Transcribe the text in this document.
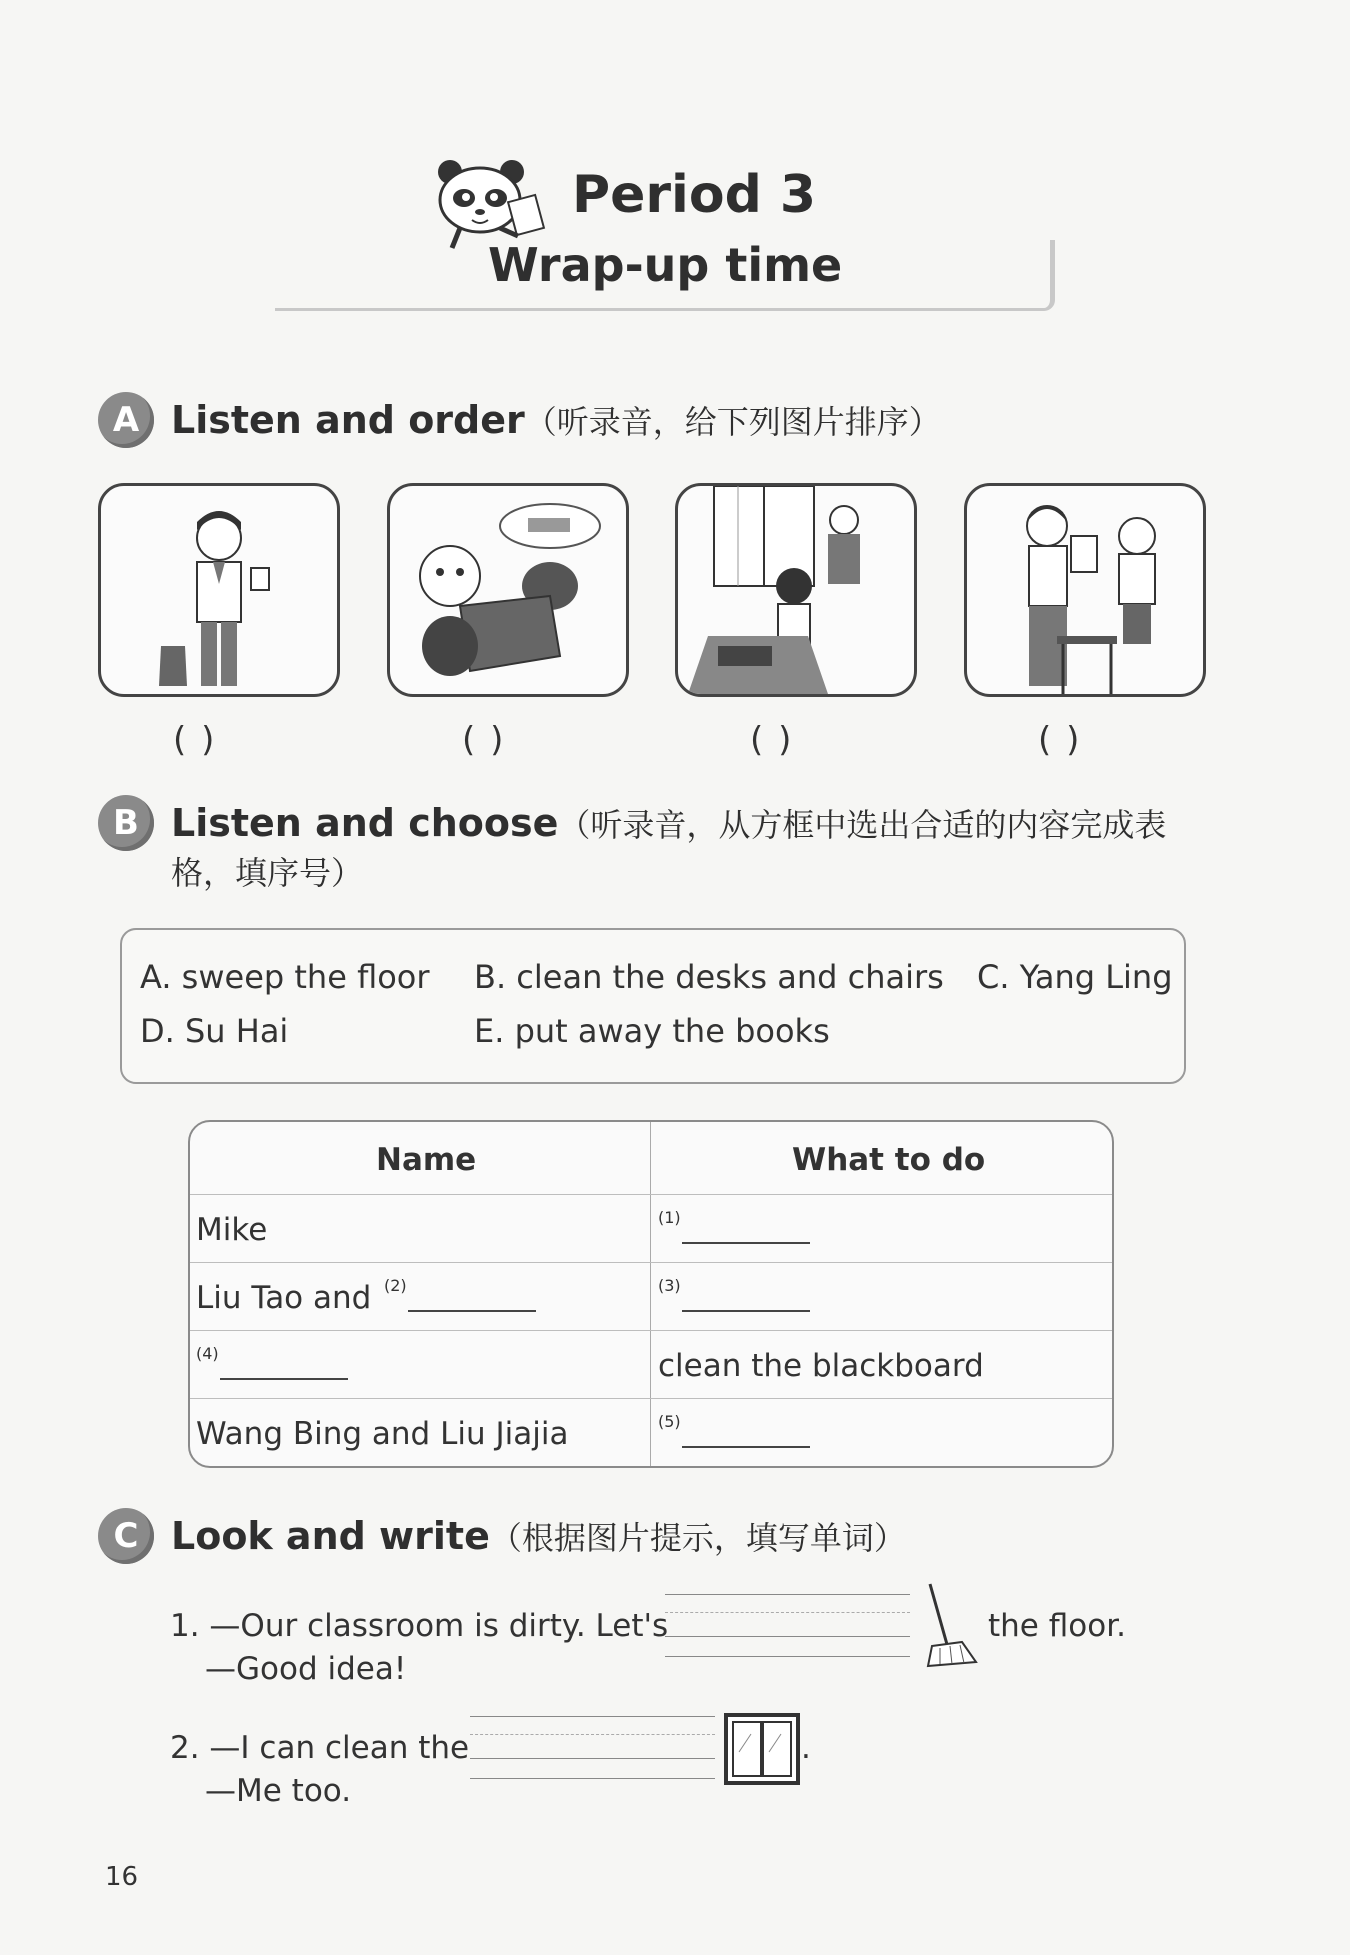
Period 3
Wrap-up time
A Listen and order（听录音，给下列图片排序）
( )	( )	( )	( )
B Listen and choose（听录音，从方框中选出合适的内容完成表
格，填序号）
A. sweep the floor B. clean the desks and chairs C. Yang Ling
D. Su Hai	E. put away the books
Name	What to do
Mike	(1)
Liu Tao and (2)	(3)
(4)	clean the blackboard
Wang Bing and Liu Jiajia	(5)
C Look and write（根据图片提示，填写单词）
1. —Our classroom is dirty. Let's	the floor.
—Good idea!
2. —I can clean the	.
—Me too.
16
